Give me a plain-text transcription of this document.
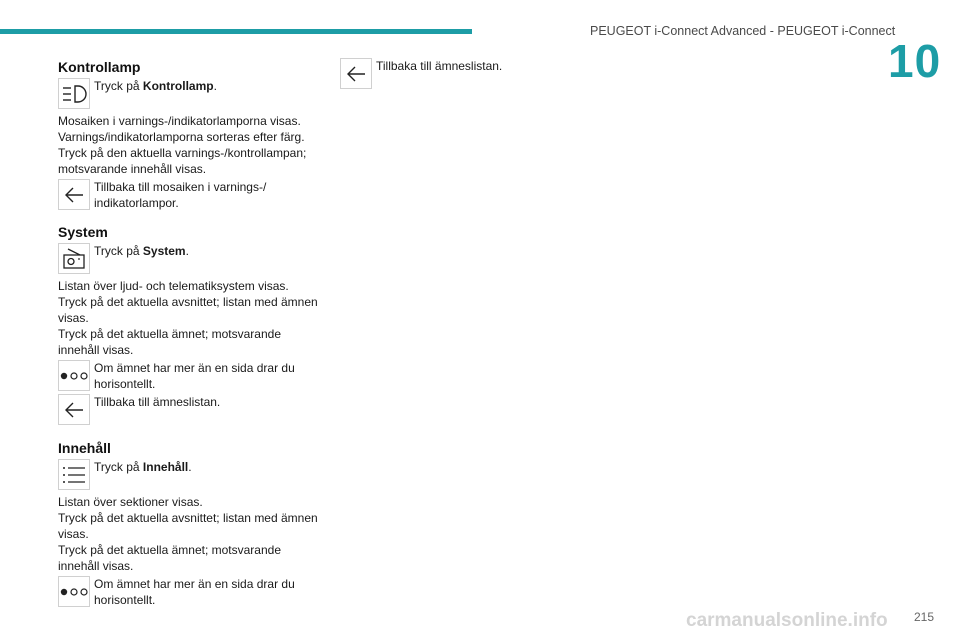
PEUGEOT i-Connect Advanced - PEUGEOT i-Connect
10
Kontrollamp
Tryck på Kontrollamp.

Mosaiken i varnings-/indikatorlamporna visas.
Varnings/indikatorlamporna sorteras efter färg.
Tryck på den aktuella varnings-/kontrollampan;
motsvarande innehåll visas.

Tillbaka till mosaiken i varnings-/ indikatorlampor.
System
Tryck på System.

Listan över ljud- och telematiksystem visas.
Tryck på det aktuella avsnittet; listan med ämnen
visas.
Tryck på det aktuella ämnet; motsvarande
innehåll visas.

Om ämnet har mer än en sida drar du horisontellt.
Tillbaka till ämneslistan.
Innehåll
Tryck på Innehåll.

Listan över sektioner visas.
Tryck på det aktuella avsnittet; listan med ämnen
visas.
Tryck på det aktuella ämnet; motsvarande
innehåll visas.

Om ämnet har mer än en sida drar du horisontellt.
Tillbaka till ämneslistan.
carmanualsonline.info 215
